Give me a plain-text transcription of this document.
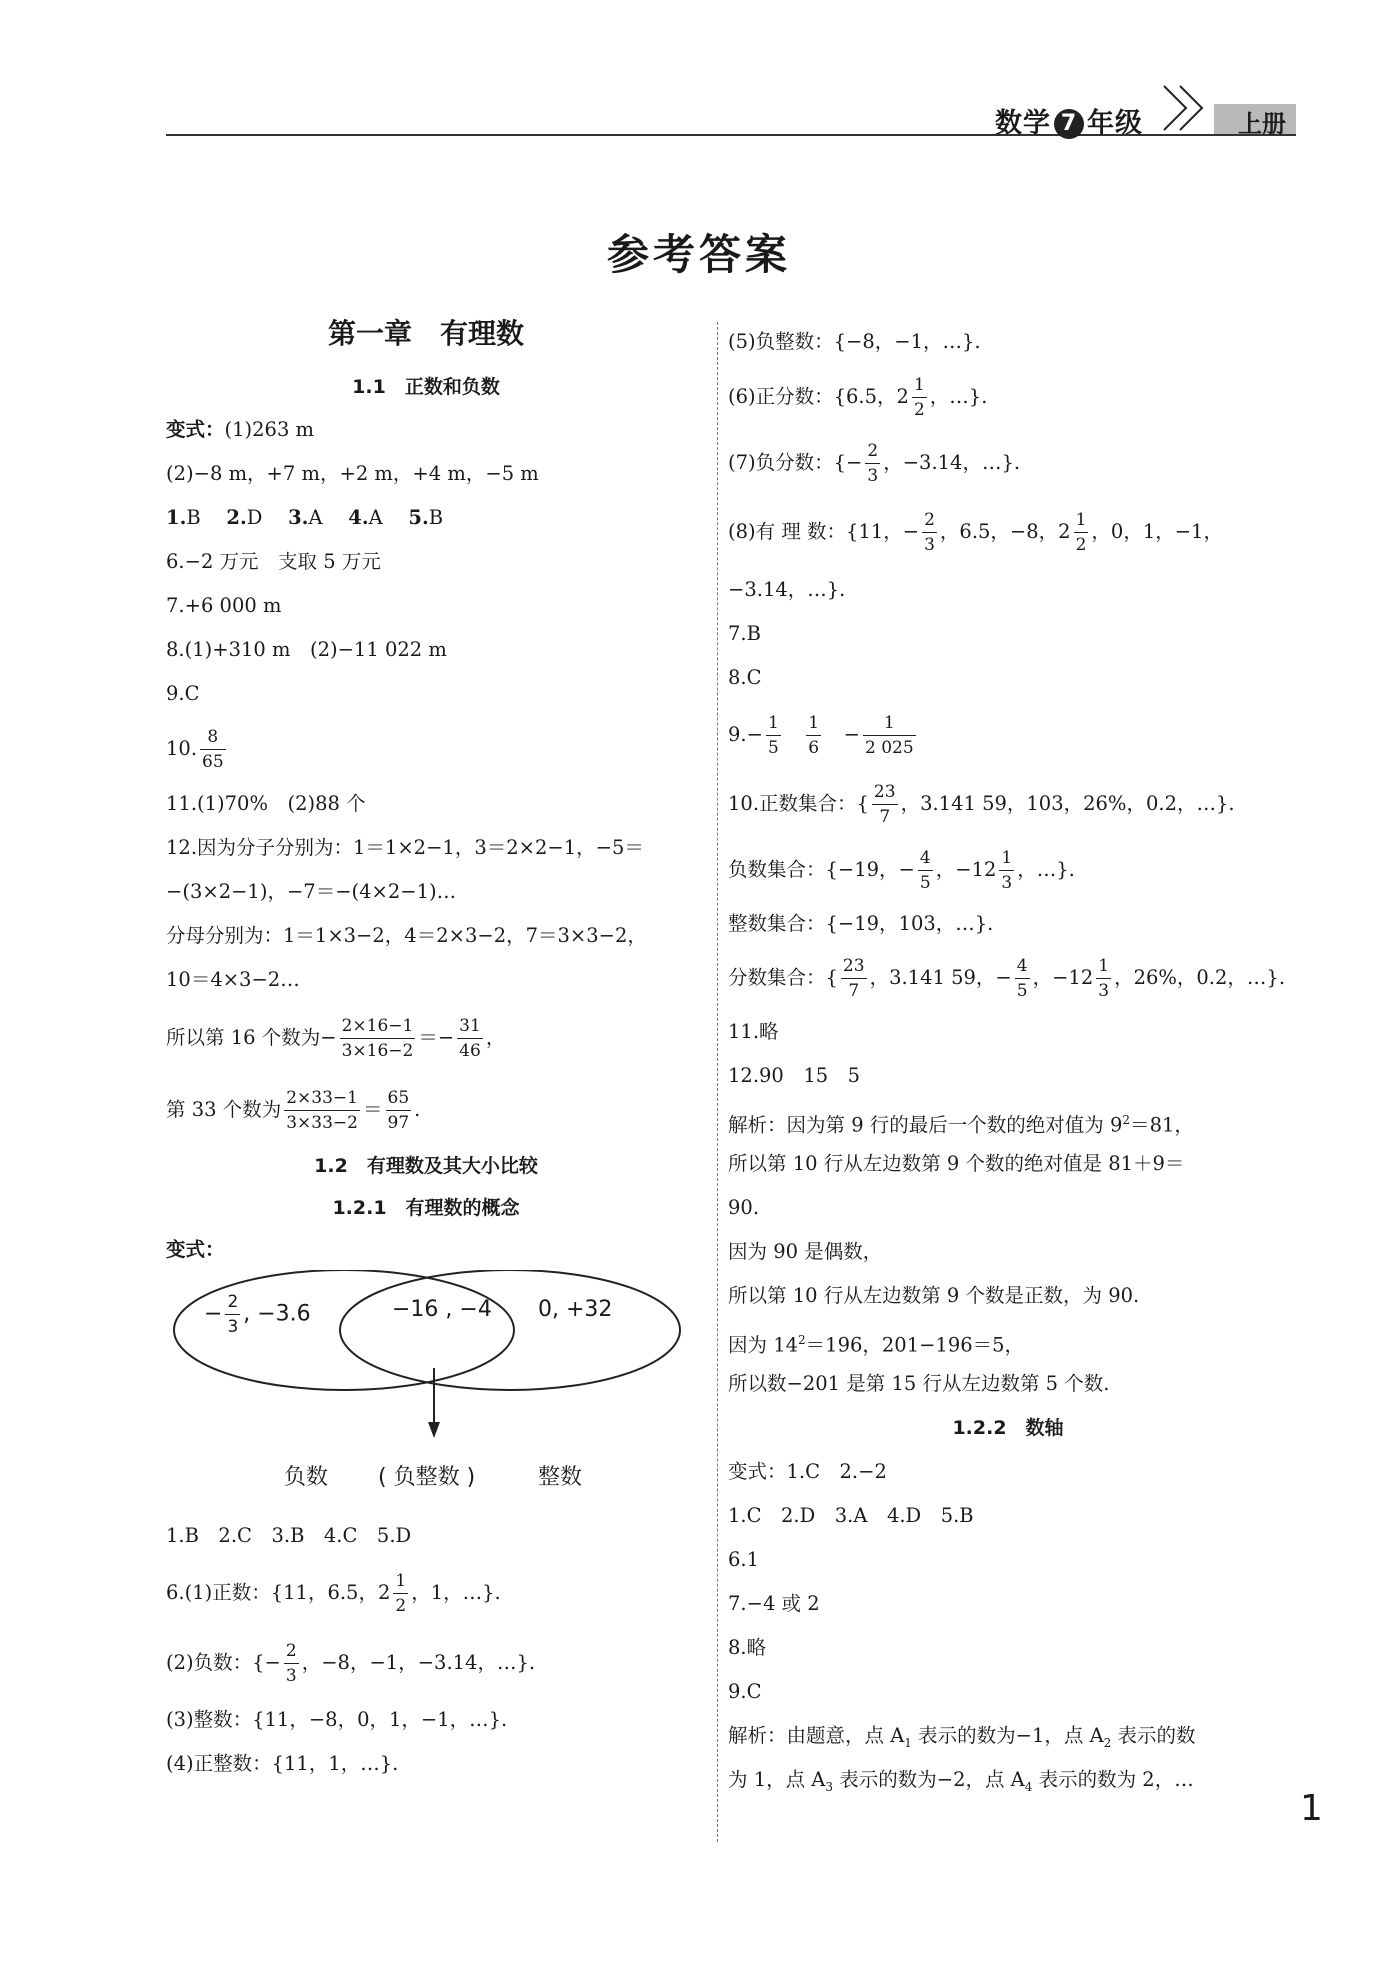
数学 7 年级	上册
参考答案
第一章　有理数
1.1　正数和负数
变式：(1)263 m
(2)−8 m，+7 m，+2 m，+4 m，−5 m
1.B　 2.D　 3.A　 4.A　 5.B
6.−2 万元　支取 5 万元
7.+6 000 m
8.(1)+310 m　(2)−11 022 m
9.C
10. $\frac{8}{65}$
11.(1)70%　(2)88 个
12.因为分子分别为：1＝1×2−1，3＝2×2−1，−5＝
−(3×2−1)，−7＝−(4×2−1)…
分母分别为：1＝1×3−2，4＝2×3−2，7＝3×3−2，
10＝4×3−2…
所以第 16 个数为− $\frac{2\times 16-1}{3\times 16-2} =- \frac{31}{46}$ ，
第 33 个数为 $\frac{2\times 33-1}{3\times 33-2} = \frac{65}{97}$ .
1.2　有理数及其大小比较
1.2.1　有理数的概念
变式：
− $\frac{2}{3}$ , −3.6	−16 , −4 0, +32
负数 ( 负整数 )	整数
1.B　2.C　3.B　4.C　5.D
6.(1)正数：{11，6.5，$2 \frac{1}{2}$ ，1，…}.
(2)负数：{− $\frac{2}{3}$ ，−8，−1，−3.14，…}.
(3)整数：{11，−8，0，1，−1，…}.
(4)正整数：{11，1，…}.
(5)负整数：{−8，−1，…}.
(6)正分数：{6.5，$2 \frac{1}{2}$ ，…}.
(7)负分数：{− $\frac{2}{3}$ ，−3.14，…}.
(8)有 理 数：{11，− $\frac{2}{3}$ ，6.5，−8，$2 \frac{1}{2}$ ，0，1，−1，
−3.14，…}.
7.B
8.C
$9.- \frac{1}{5}$
　 $\frac{1}{6}$
　 − $\frac{1}{2 025}$
10.正数集合：{ $\frac{23}{7}$ ，3.141 59，103，26%，0.2，…}.
负数集合：{−19，− $\frac{4}{5}$ ，$-12 \frac{1}{3}$ ，…}.
整数集合：{−19，103，…}.
分数集合：{ $\frac{23}{7}$ ，3.141 59，− $\frac{4}{5}$ ，$-12 \frac{1}{3}$ ，26%，0.2，…}.
11.略
12.90　15　5
解析：因为第 9 行的最后一个数的绝对值为 $9^2=81$，
所以第 10 行从左边数第 9 个数的绝对值是 81＋9＝
90.
因为 90 是偶数，
所以第 10 行从左边数第 9 个数是正数，为 90.
因为 $14^2=196$，201−196＝5，
所以数−201 是第 15 行从左边数第 5 个数.
1.2.2　数轴
变式：1.C　2.−2
1.C　2.D　3.A　4.D　5.B
6.1
7.−4 或 2
8.略
9.C
解析：由题意，点 $A_1$ 表示的数为−1，点 $A_2$ 表示的数
为 1，点 $A_3$ 表示的数为−2，点 $A_4$ 表示的数为 2，…
1
